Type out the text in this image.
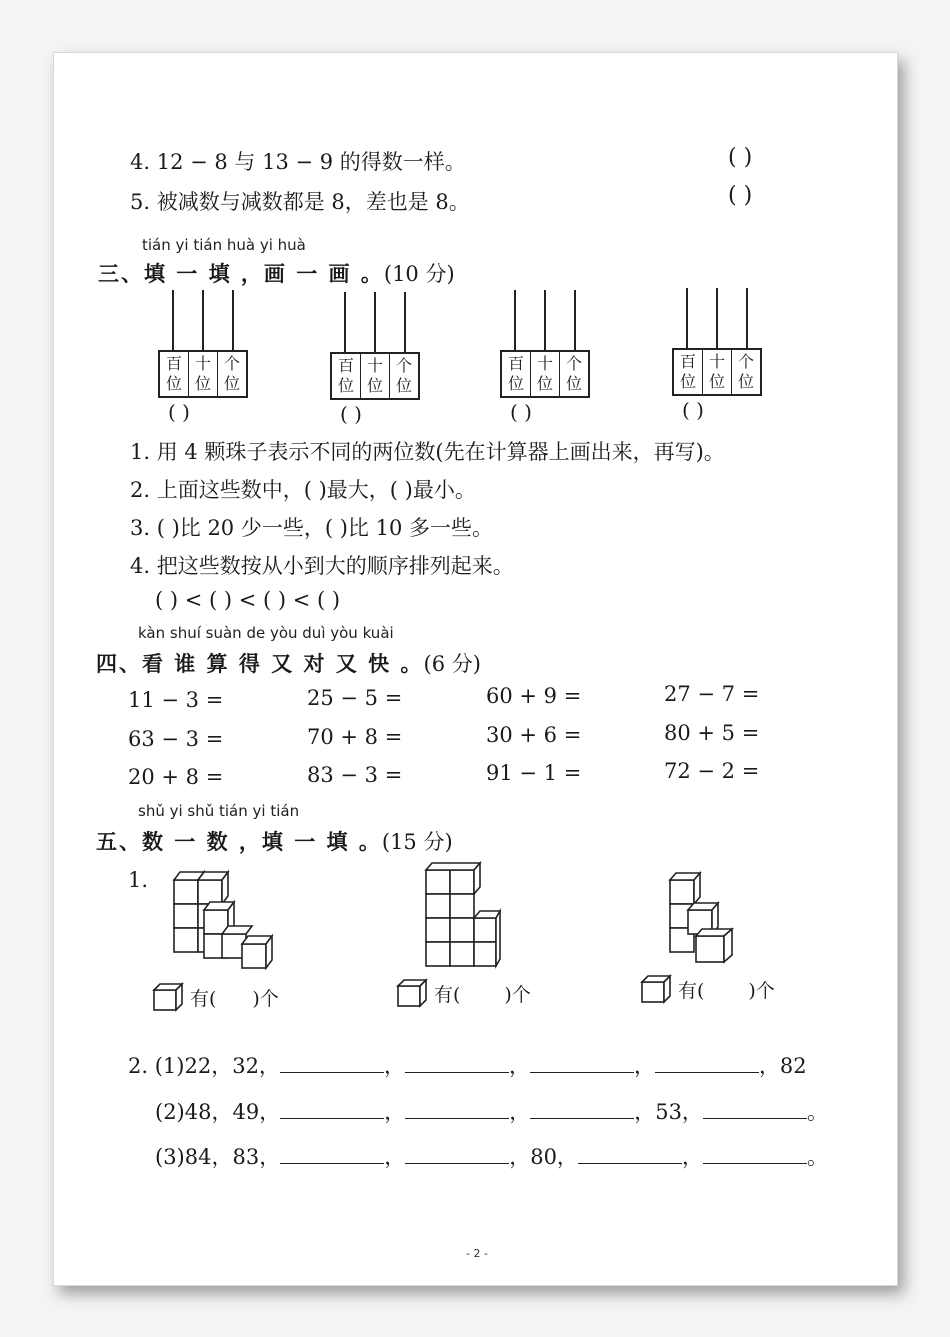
4. 12 − 8 与 13 − 9 的得数一样。	( )
5. 被减数与减数都是 8，差也是 8。	( )
tián yi tián huà yi huà
三、填 一 填 ，画 一 画 。(10 分)
百
位
十
位
个
位
( )
百
位
十
位
个
位
( )
百
位
十
位
个
位
( )
百
位
十
位
个
位
( )
1. 用 4 颗珠子表示不同的两位数(先在计算器上画出来，再写)。
2. 上面这些数中，( )最大，( )最小。
3. ( )比 20 少一些，( )比 10 多一些。
4. 把这些数按从小到大的顺序排列起来。
( ) < ( ) < ( ) < ( )
kàn shuí suàn de yòu duì yòu kuài
四、看 谁 算 得 又 对 又 快 。(6 分)
11 − 3 =	25 − 5 =	60 + 9 =	27 − 7 =
63 − 3 =	70 + 8 =	30 + 6 =	80 + 5 =
20 + 8 =	83 − 3 =	91 − 1 =	72 − 2 =
shǔ yi shǔ tián yi tián
五、数 一 数 ，填 一 填 。(15 分)
1.
有( )个	有( )个	有( )个
2. (1)22，32，	，	，	，	，82
(2)48，49，	，	，	，53，	。
(3)84，83，	，	，80，	，	。
- 2 -
